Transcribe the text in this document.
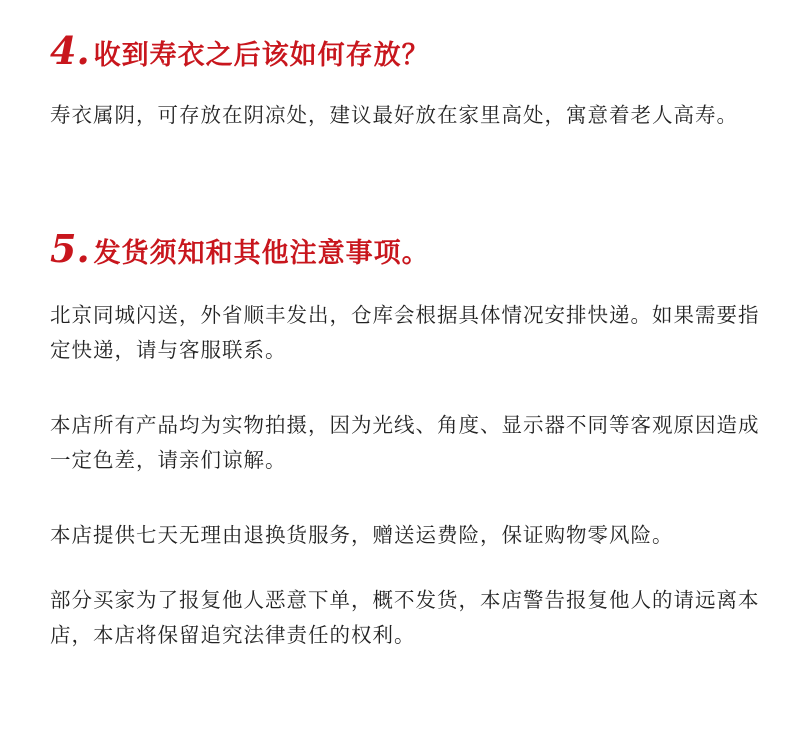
4. 收到寿衣之后该如何存放？

寿衣属阴，可存放在阴凉处，建议最好放在家里高处，寓意着老人高寿。

5. 发货须知和其他注意事项。

北京同城闪送，外省顺丰发出，仓库会根据具体情况安排快递。如果需要指定快递，请与客服联系。

本店所有产品均为实物拍摄，因为光线、角度、显示器不同等客观原因造成一定色差，请亲们谅解。

本店提供七天无理由退换货服务，赠送运费险，保证购物零风险。

部分买家为了报复他人恶意下单，概不发货，本店警告报复他人的请远离本店，本店将保留追究法律责任的权利。
